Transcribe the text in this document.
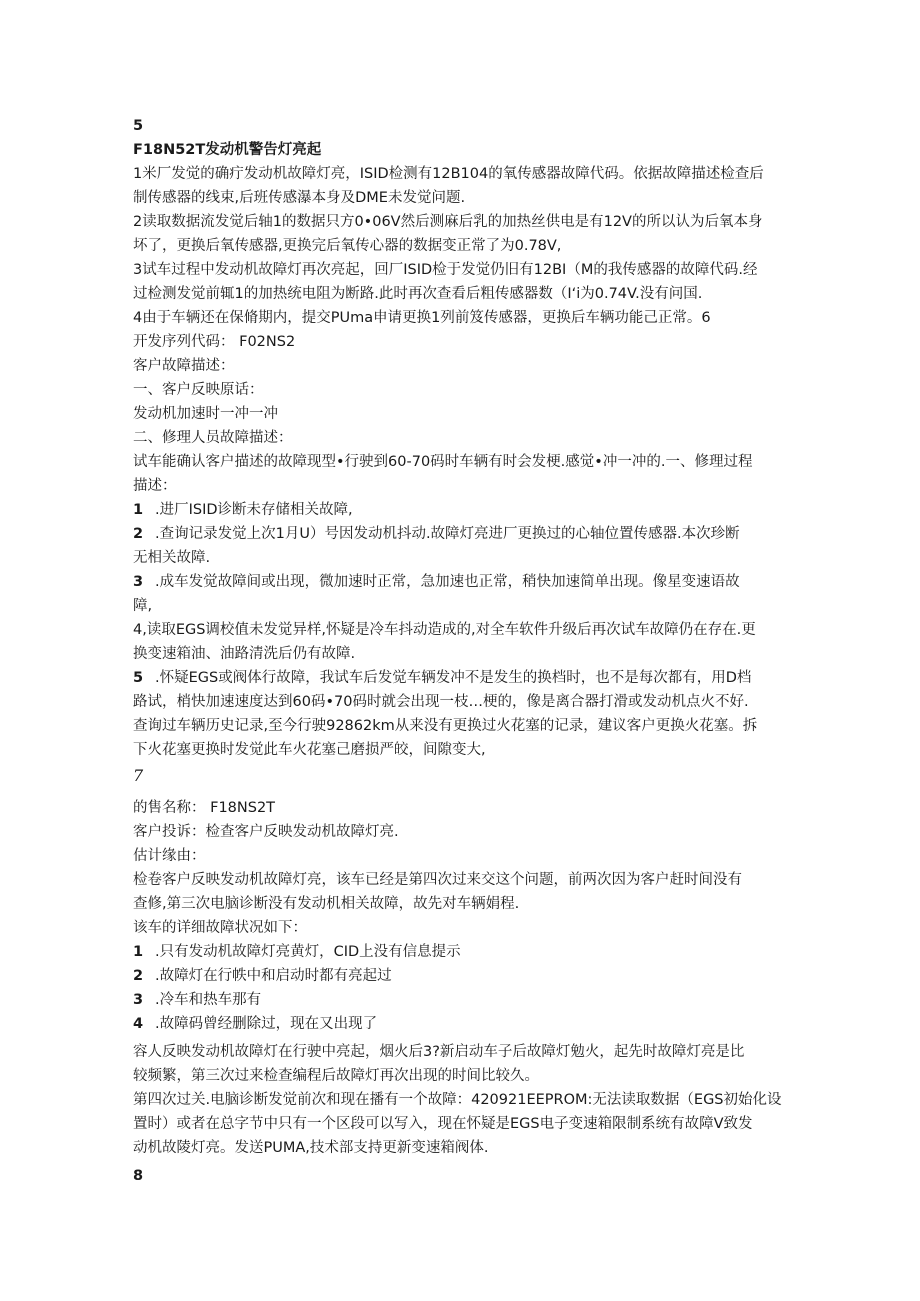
5
F18N52T发动机警告灯亮起
1米厂发觉的确疔发动机故障灯亮，ISID检测有12B104的氧传感器故障代码。依据故障描述检查后
制传感器的线束,后班传感瀑本身及DME未发觉问题.
2读取数据流发觉后轴1的数据只方0•06V然后测麻后乳的加热丝供电是有12V的所以认为后氧本身
坏了，更换后氧传感器,更换完后氧传心器的数据变正常了为0.78V,
3试车过程中发动机故障灯再次亮起，回厂ISID检于发觉仍旧有12BI（M的我传感器的故障代码.经
过检测发觉前辄1的加热统电阻为断路.此时再次查看后粗传感器数（I‘i为0.74V.没有问国.
4由于车辆还在保脩期内，提交PUma申请更换1列前笈传感器，更换后车辆功能己正常。6
开发序列代码： F02NS2
客户故障描述：
一、客户反映原话：
发动机加速时一冲一冲
二、修理人员故障描述：
试车能确认客户描述的故障现型•行驶到60-70码时车辆有时会发梗.感觉•冲一冲的.一、修理过程
描述：
1 .进厂ISID诊断未存储相关故障,
2 .查询记录发觉上次1月U）号因发动机抖动.故障灯亮进厂更换过的心轴位置传感器.本次珍断
无相关故障.
3 .成车发觉故障间或出现，微加速时正常，急加速也正常，稍快加速简单出现。像星变速语故
障,
4,读取EGS调校值未发觉异样,怀疑是冷车抖动造成的,对全车软件升级后再次试车故障仍在存在.更
换变速箱油、油路清洗后仍有故障.
5 .怀疑EGS或阀体行故障，我试车后发觉车辆发冲不是发生的换档时，也不是每次都有，用D档
路试，梢快加速速度达到60码•70码时就会出现一枝…梗的，像是离合器打滑或发动机点火不好.
查询过车辆历史记录,至今行驶92862km从来没有更换过火花塞的记录，建议客户更换火花塞。拆
下火花塞更换时发觉此车火花塞己磨损严皎，间隙变大,
7
的售名称： F18NS2T
客户投诉：检查客户反映发动机故障灯亮.
估计缘由：
检卷客户反映发动机故障灯亮，该车已经是第四次过来交这个问题，前两次因为客户赶时间没有
查修,第三次电脑诊断没有发动机相关故障，故先对车辆娟程.
该车的详细故障状况如下：
1 .只有发动机故障灯亮黄灯，CID上没有信息提示
2 .故障灯在行帙中和启动时都有亮起过
3 .冷车和热车那有
4 .故障码曾经删除过，现在又出现了
容人反映发动机故障灯在行驶中亮起，烟火后3?新启动车子后故障灯勉火，起先时故障灯亮是比
较频繁，第三次过来检查编程后故障灯再次出现的时间比较久。
第四次过关.电脑诊断发觉前次和现在播有一个故障：420921EEPROM:无法读取数据（EGS初始化设
置时）或者在总字节中只有一个区段可以写入，现在怀疑是EGS电子变速箱限制系统有故障V致发
动机故陵灯亮。发送PUMA,技术部支持更新变速箱阀体.
8
